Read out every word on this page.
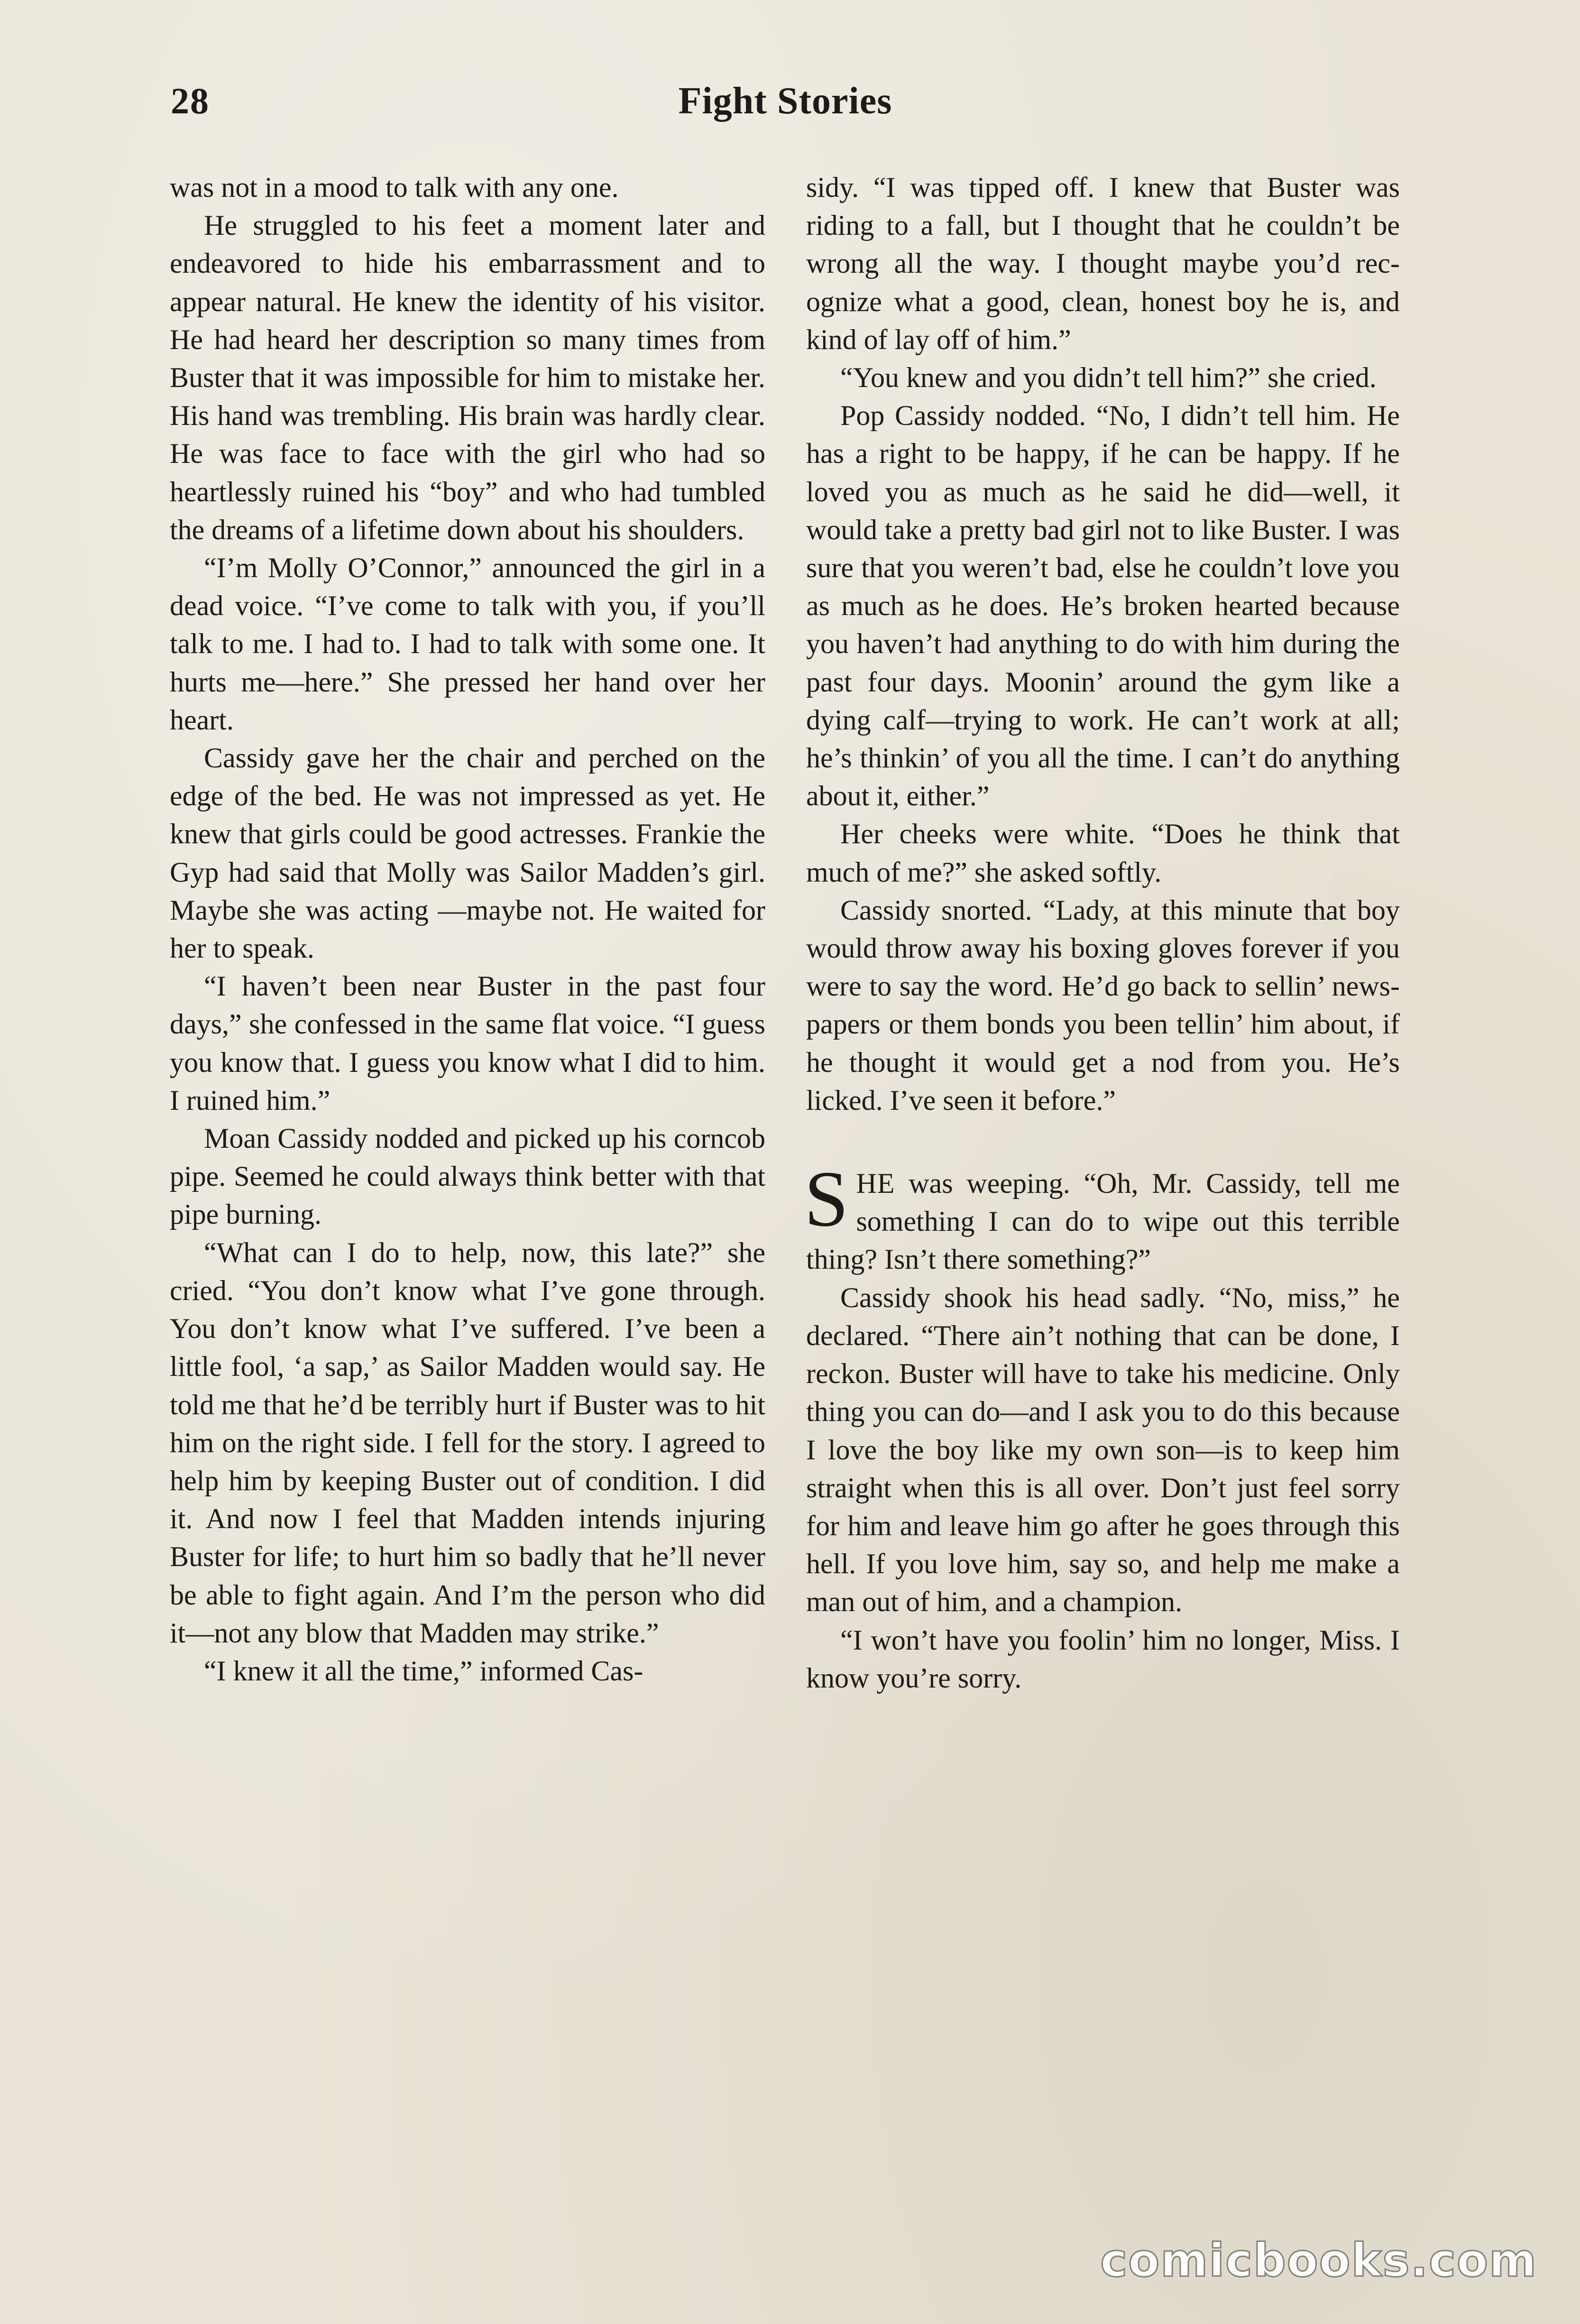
28	Fight Stories

was not in a mood to talk with any one.

He struggled to his feet a moment later and endeavored to hide his embarrassment and to appear natural. He knew the identity of his visitor. He had heard her description so many times from Buster that it was impossible for him to mistake her. His hand was trembling. His brain was hardly clear. He was face to face with the girl who had so heartlessly ruined his “boy” and who had tumbled the dreams of a lifetime down about his shoulders.

“I’m Molly O’Connor,” announced the girl in a dead voice. “I’ve come to talk with you, if you’ll talk to me. I had to. I had to talk with some one. It hurts me—here.” She pressed her hand over her heart.

Cassidy gave her the chair and perched on the edge of the bed. He was not impressed as yet. He knew that girls could be good actresses. Frankie the Gyp had said that Molly was Sailor Madden’s girl. Maybe she was acting —maybe not. He waited for her to speak.

“I haven’t been near Buster in the past four days,” she confessed in the same flat voice. “I guess you know that. I guess you know what I did to him. I ruined him.”

Moan Cassidy nodded and picked up his corncob pipe. Seemed he could always think better with that pipe burning.

“What can I do to help, now, this late?” she cried. “You don’t know what I’ve gone through. You don’t know what I’ve suffered. I’ve been a little fool, ‘a sap,’ as Sailor Madden would say. He told me that he’d be terribly hurt if Buster was to hit him on the right side. I fell for the story. I agreed to help him by keeping Buster out of condition. I did it. And now I feel that Madden intends injuring Buster for life; to hurt him so badly that he’ll never be able to fight again. And I’m the person who did it—not any blow that Madden may strike.”

“I knew it all the time,” informed Cas-

sidy. “I was tipped off. I knew that Buster was riding to a fall, but I thought that he couldn’t be wrong all the way. I thought maybe you’d recognize what a good, clean, honest boy he is, and kind of lay off of him.”

“You knew and you didn’t tell him?” she cried.

Pop Cassidy nodded. “No, I didn’t tell him. He has a right to be happy, if he can be happy. If he loved you as much as he said he did—well, it would take a pretty bad girl not to like Buster. I was sure that you weren’t bad, else he couldn’t love you as much as he does. He’s broken hearted because you haven’t had anything to do with him during the past four days. Moonin’ around the gym like a dying calf—trying to work. He can’t work at all; he’s thinkin’ of you all the time. I can’t do anything about it, either.”

Her cheeks were white. “Does he think that much of me?” she asked softly.

Cassidy snorted. “Lady, at this minute that boy would throw away his boxing gloves forever if you were to say the word. He’d go back to sellin’ newspapers or them bonds you been tellin’ him about, if he thought it would get a nod from you. He’s licked. I’ve seen it before.”

SHE was weeping. “Oh, Mr. Cassidy, tell me something I can do to wipe out this terrible thing? Isn’t there something?”

Cassidy shook his head sadly. “No, miss,” he declared. “There ain’t nothing that can be done, I reckon. Buster will have to take his medicine. Only thing you can do—and I ask you to do this because I love the boy like my own son—is to keep him straight when this is all over. Don’t just feel sorry for him and leave him go after he goes through this hell. If you love him, say so, and help me make a man out of him, and a champion.

“I won’t have you foolin’ him no longer, Miss. I know you’re sorry.

comicbooks.com
